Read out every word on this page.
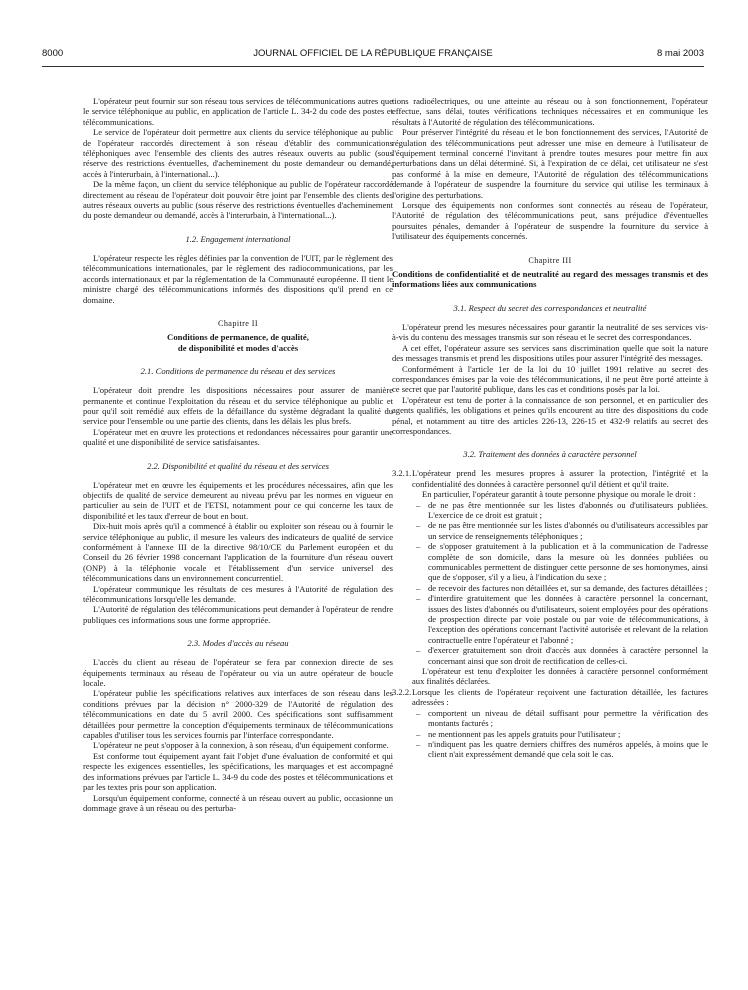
8000	JOURNAL OFFICIEL DE LA RÉPUBLIQUE FRANÇAISE	8 mai 2003

L'opérateur peut fournir sur son réseau tous services de télécommunications autres que le service téléphonique au public, en application de l'article L. 34-2 du code des postes et télécommunications.

Le service de l'opérateur doit permettre aux clients du service téléphonique au public de l'opérateur raccordés directement à son réseau d'établir des communications téléphoniques avec l'ensemble des clients des autres réseaux ouverts au public (sous réserve des restrictions éventuelles, d'acheminement du poste demandeur ou demandé, accès à l'interurbain, à l'international...).

De la même façon, un client du service téléphonique au public de l'opérateur raccordé directement au réseau de l'opérateur doit pouvoir être joint par l'ensemble des clients des autres réseaux ouverts au public (sous réserve des restrictions éventuelles d'acheminement du poste demandeur ou demandé, accès à l'interurbain, à l'international...).

1.2. Engagement international

L'opérateur respecte les règles définies par la convention de l'UIT, par le règlement des télécommunications internationales, par le règlement des radiocommunications, par les accords internationaux et par la réglementation de la Communauté européenne. Il tient le ministre chargé des télécommunications informés des dispositions qu'il prend en ce domaine.

Chapitre II
Conditions de permanence, de qualité,
de disponibilité et modes d'accès
2.1. Conditions de permanence du réseau et des services

L'opérateur doit prendre les dispositions nécessaires pour assurer de manière permanente et continue l'exploitation du réseau et du service téléphonique au public et pour qu'il soit remédié aux effets de la défaillance du système dégradant la qualité du service pour l'ensemble ou une partie des clients, dans les délais les plus brefs.

L'opérateur met en œuvre les protections et redondances nécessaires pour garantir une qualité et une disponibilité de service satisfaisantes.

2.2. Disponibilité et qualité du réseau et des services

L'opérateur met en œuvre les équipements et les procédures nécessaires, afin que les objectifs de qualité de service demeurent au niveau prévu par les normes en vigueur en particulier au sein de l'UIT et de l'ETSI, notamment pour ce qui concerne les taux de disponibilité et les taux d'erreur de bout en bout.

Dix-huit mois après qu'il a commencé à établir ou exploiter son réseau ou à fournir le service téléphonique au public, il mesure les valeurs des indicateurs de qualité de service conformément à l'annexe III de la directive 98/10/CE du Parlement européen et du Conseil du 26 février 1998 concernant l'application de la fourniture d'un réseau ouvert (ONP) à la téléphonie vocale et l'établissement d'un service universel des télécommunications dans un environnement concurrentiel.

L'opérateur communique les résultats de ces mesures à l'Autorité de régulation des télécommunications lorsqu'elle les demande.

L'Autorité de régulation des télécommunications peut demander à l'opérateur de rendre publiques ces informations sous une forme appropriée.

2.3. Modes d'accès au réseau

L'accès du client au réseau de l'opérateur se fera par connexion directe de ses équipements terminaux au réseau de l'opérateur ou via un autre opérateur de boucle locale.

L'opérateur publie les spécifications relatives aux interfaces de son réseau dans les conditions prévues par la décision n° 2000-329 de l'Autorité de régulation des télécommunications en date du 5 avril 2000. Ces spécifications sont suffisamment détaillées pour permettre la conception d'équipements terminaux de télécommunications capables d'utiliser tous les services fournis par l'interface correspondante.

L'opérateur ne peut s'opposer à la connexion, à son réseau, d'un équipement conforme.

Est conforme tout équipement ayant fait l'objet d'une évaluation de conformité et qui respecte les exigences essentielles, les spécifications, les marquages et est accompagné des informations prévues par l'article L. 34-9 du code des postes et télécommunications et par les textes pris pour son application.

Lorsqu'un équipement conforme, connecté à un réseau ouvert au public, occasionne un dommage grave à un réseau ou des perturba-

tions radioélectriques, ou une atteinte au réseau ou à son fonctionnement, l'opérateur effectue, sans délai, toutes vérifications techniques nécessaires et en communique les résultats à l'Autorité de régulation des télécommunications.

Pour préserver l'intégrité du réseau et le bon fonctionnement des services, l'Autorité de régulation des télécommunications peut adresser une mise en demeure à l'utilisateur de l'équipement terminal concerné l'invitant à prendre toutes mesures pour mettre fin aux perturbations dans un délai déterminé. Si, à l'expiration de ce délai, cet utilisateur ne s'est pas conformé à la mise en demeure, l'Autorité de régulation des télécommunications demande à l'opérateur de suspendre la fourniture du service qui utilise les terminaux à l'origine des perturbations.

Lorsque des équipements non conformes sont connectés au réseau de l'opérateur, l'Autorité de régulation des télécommunications peut, sans préjudice d'éventuelles poursuites pénales, demander à l'opérateur de suspendre la fourniture du service à l'utilisateur des équipements concernés.

Chapitre III
Conditions de confidentialité et de neutralité au regard des messages transmis et des informations liées aux communications
3.1. Respect du secret des correspondances et neutralité

L'opérateur prend les mesures nécessaires pour garantir la neutralité de ses services vis-à-vis du contenu des messages transmis sur son réseau et le secret des correspondances.

A cet effet, l'opérateur assure ses services sans discrimination quelle que soit la nature des messages transmis et prend les dispositions utiles pour assurer l'intégrité des messages.

Conformément à l'article 1er de la loi du 10 juillet 1991 relative au secret des correspondances émises par la voie des télécommunications, il ne peut être porté atteinte à ce secret que par l'autorité publique, dans les cas et conditions posés par la loi.

L'opérateur est tenu de porter à la connaissance de son personnel, et en particulier des agents qualifiés, les obligations et peines qu'ils encourent au titre des dispositions du code pénal, et notamment au titre des articles 226-13, 226-15 et 432-9 relatifs au secret des correspondances.

3.2. Traitement des données à caractère personnel

3.2.1. L'opérateur prend les mesures propres à assurer la protection, l'intégrité et la confidentialité des données à caractère personnel qu'il détient et qu'il traite.

En particulier, l'opérateur garantit à toute personne physique ou morale le droit :

– de ne pas être mentionnée sur les listes d'abonnés ou d'utilisateurs publiées. L'exercice de ce droit est gratuit ;
– de ne pas être mentionnée sur les listes d'abonnés ou d'utilisateurs accessibles par un service de renseignements téléphoniques ;
– de s'opposer gratuitement à la publication et à la communication de l'adresse complète de son domicile, dans la mesure où les données publiées ou communicables permettent de distinguer cette personne de ses homonymes, ainsi que de s'opposer, s'il y a lieu, à l'indication du sexe ;
– de recevoir des factures non détaillées et, sur sa demande, des factures détaillées ;
– d'interdire gratuitement que les données à caractère personnel la concernant, issues des listes d'abonnés ou d'utilisateurs, soient employées pour des opérations de prospection directe par voie postale ou par voie de télécommunications, à l'exception des opérations concernant l'activité autorisée et relevant de la relation contractuelle entre l'opérateur et l'abonné ;
– d'exercer gratuitement son droit d'accès aux données à caractère personnel la concernant ainsi que son droit de rectification de celles-ci.

L'opérateur est tenu d'exploiter les données à caractère personnel conformément aux finalités déclarées.

3.2.2. Lorsque les clients de l'opérateur reçoivent une facturation détaillée, les factures adressées :

– comportent un niveau de détail suffisant pour permettre la vérification des montants facturés ;
– ne mentionnent pas les appels gratuits pour l'utilisateur ;
– n'indiquent pas les quatre derniers chiffres des numéros appelés, à moins que le client n'ait expressément demandé que cela soit le cas.
